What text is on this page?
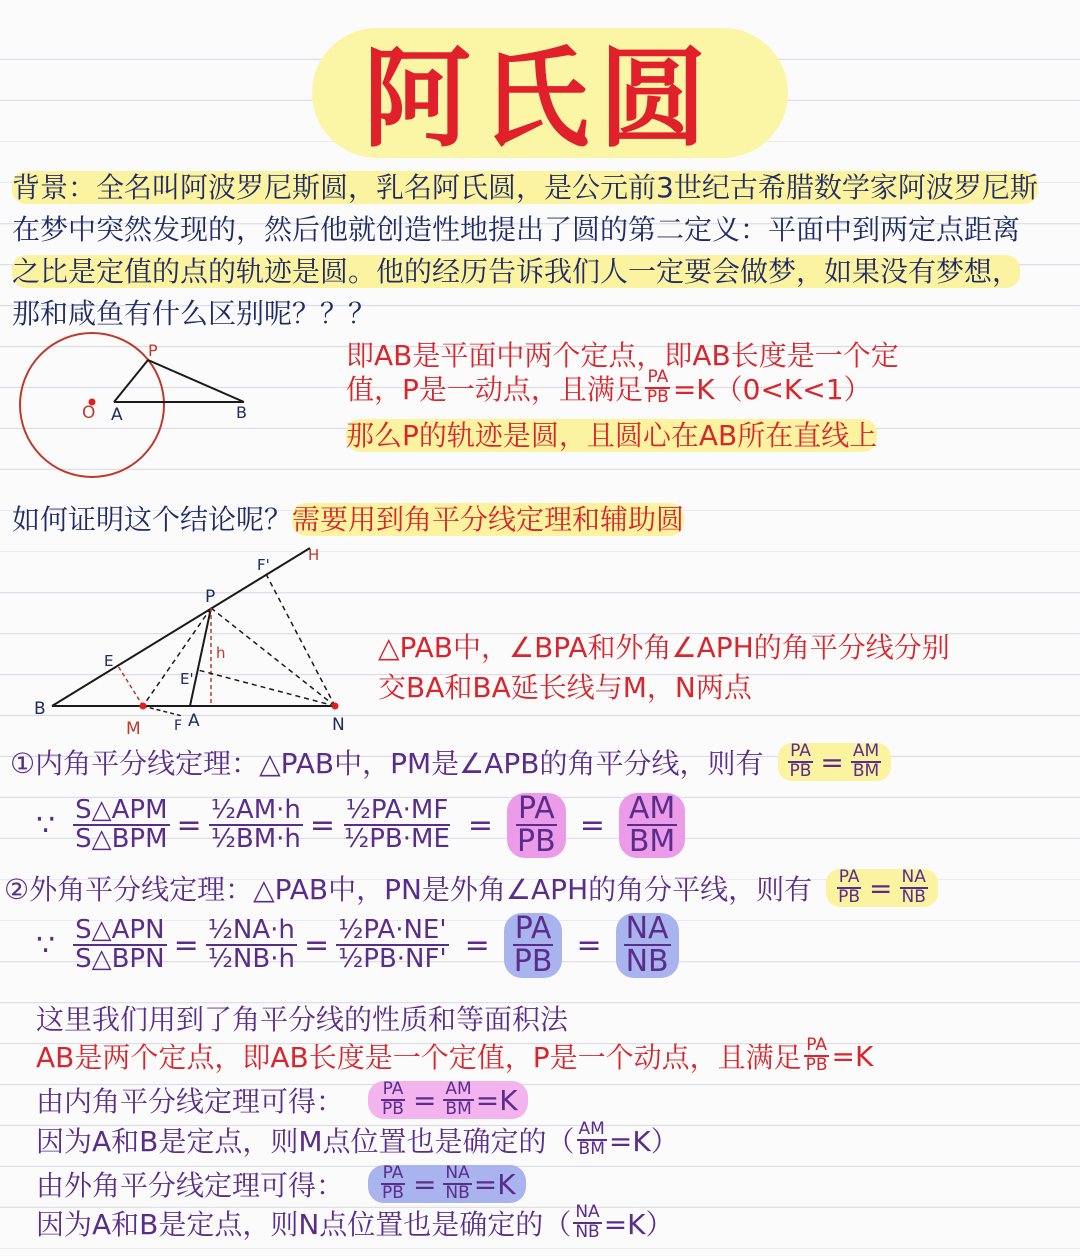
阿氏圆
背景：全名叫阿波罗尼斯圆，乳名阿氏圆，是公元前3世纪古希腊数学家阿波罗尼斯
在梦中突然发现的，然后他就创造性地提出了圆的第二定义：平面中到两定点距离
之比是定值的点的轨迹是圆。他的经历告诉我们人一定要会做梦，如果没有梦想，
那和咸鱼有什么区别呢？？？
O A	B
P	即AB是平面中两个定点，即AB长度是一个定
值，P是一动点，且满足 $\frac{PA}{PB} =K(0<K<1)$
那么P的轨迹是圆，且圆心在AB所在直线上
如何证明这个结论呢？需要用到角平分线定理和辅助圆
F'
H
P
E
E'
h
B
M F A	N
△PAB中，∠BPA和外角∠APH的角平分线分别
交BA和BA延长线与M，N两点
①内角平分线定理：△PAB中，PM是∠APB的角平分线，则有 $\frac{PA}{PB} = \frac{AM}{BM}$
∵ $\frac{\text{S△APM}}{\text{S△BPM}} = \frac{\text{½AM·h}}{\text{½BM·h}} = \frac{\text{½PA·MF}}{\text{½PB·ME}} = \frac{PA}{PB} = \frac{AM}{BM}$
②外角平分线定理：△PAB中，PN是外角∠APH的角分平线，则有 $\frac{PA}{PB} = \frac{NA}{NB}$
∵ $\frac{\text{S△APN}}{\text{S△BPN}} = \frac{\text{½NA·h}}{\text{½NB·h}} = \frac{\text{½PA·NE'}}{\text{½PB·NF'}} = \frac{PA}{PB} = \frac{NA}{NB}$
这里我们用到了角平分线的性质和等面积法
AB是两个定点，即AB长度是一个定值，P是一个动点，且满足 $\frac{PA}{PB} =K$
由内角平分线定理可得： $\frac{PA}{PB} = \frac{AM}{BM} =K$
因为A和B是定点，则M点位置也是确定的（ $\frac{AM}{BM} =K$）
由外角平分线定理可得： $\frac{PA}{PB} = \frac{NA}{NB} =K$
因为A和B是定点，则N点位置也是确定的（ $\frac{NA}{NB} =K$）
